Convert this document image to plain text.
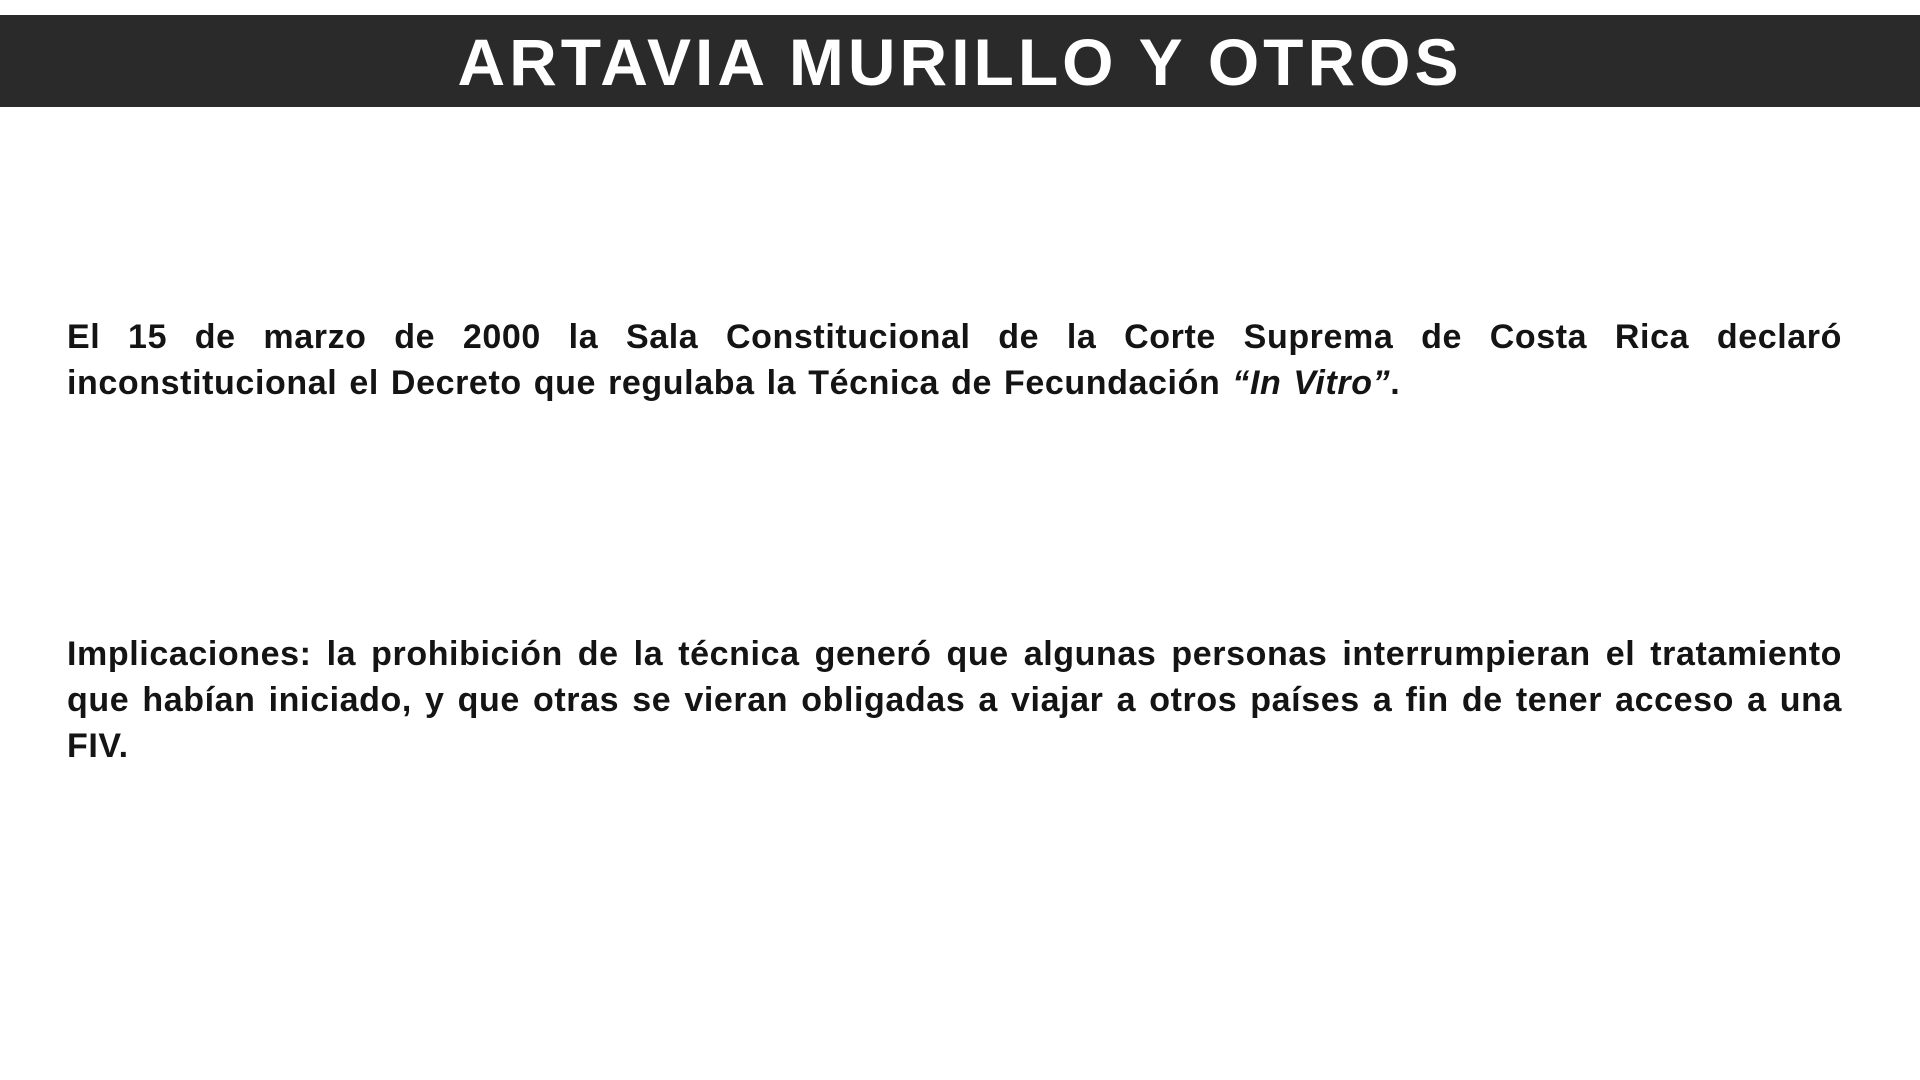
ARTAVIA MURILLO Y OTROS

El 15 de marzo de 2000 la Sala Constitucional de la Corte Suprema de Costa Rica declaró inconstitucional el Decreto que regulaba la Técnica de Fecundación “In Vitro”.

Implicaciones: la prohibición de la técnica generó que algunas personas interrumpieran el tratamiento que habían iniciado, y que otras se vieran obligadas a viajar a otros países a fin de tener acceso a una FIV.
